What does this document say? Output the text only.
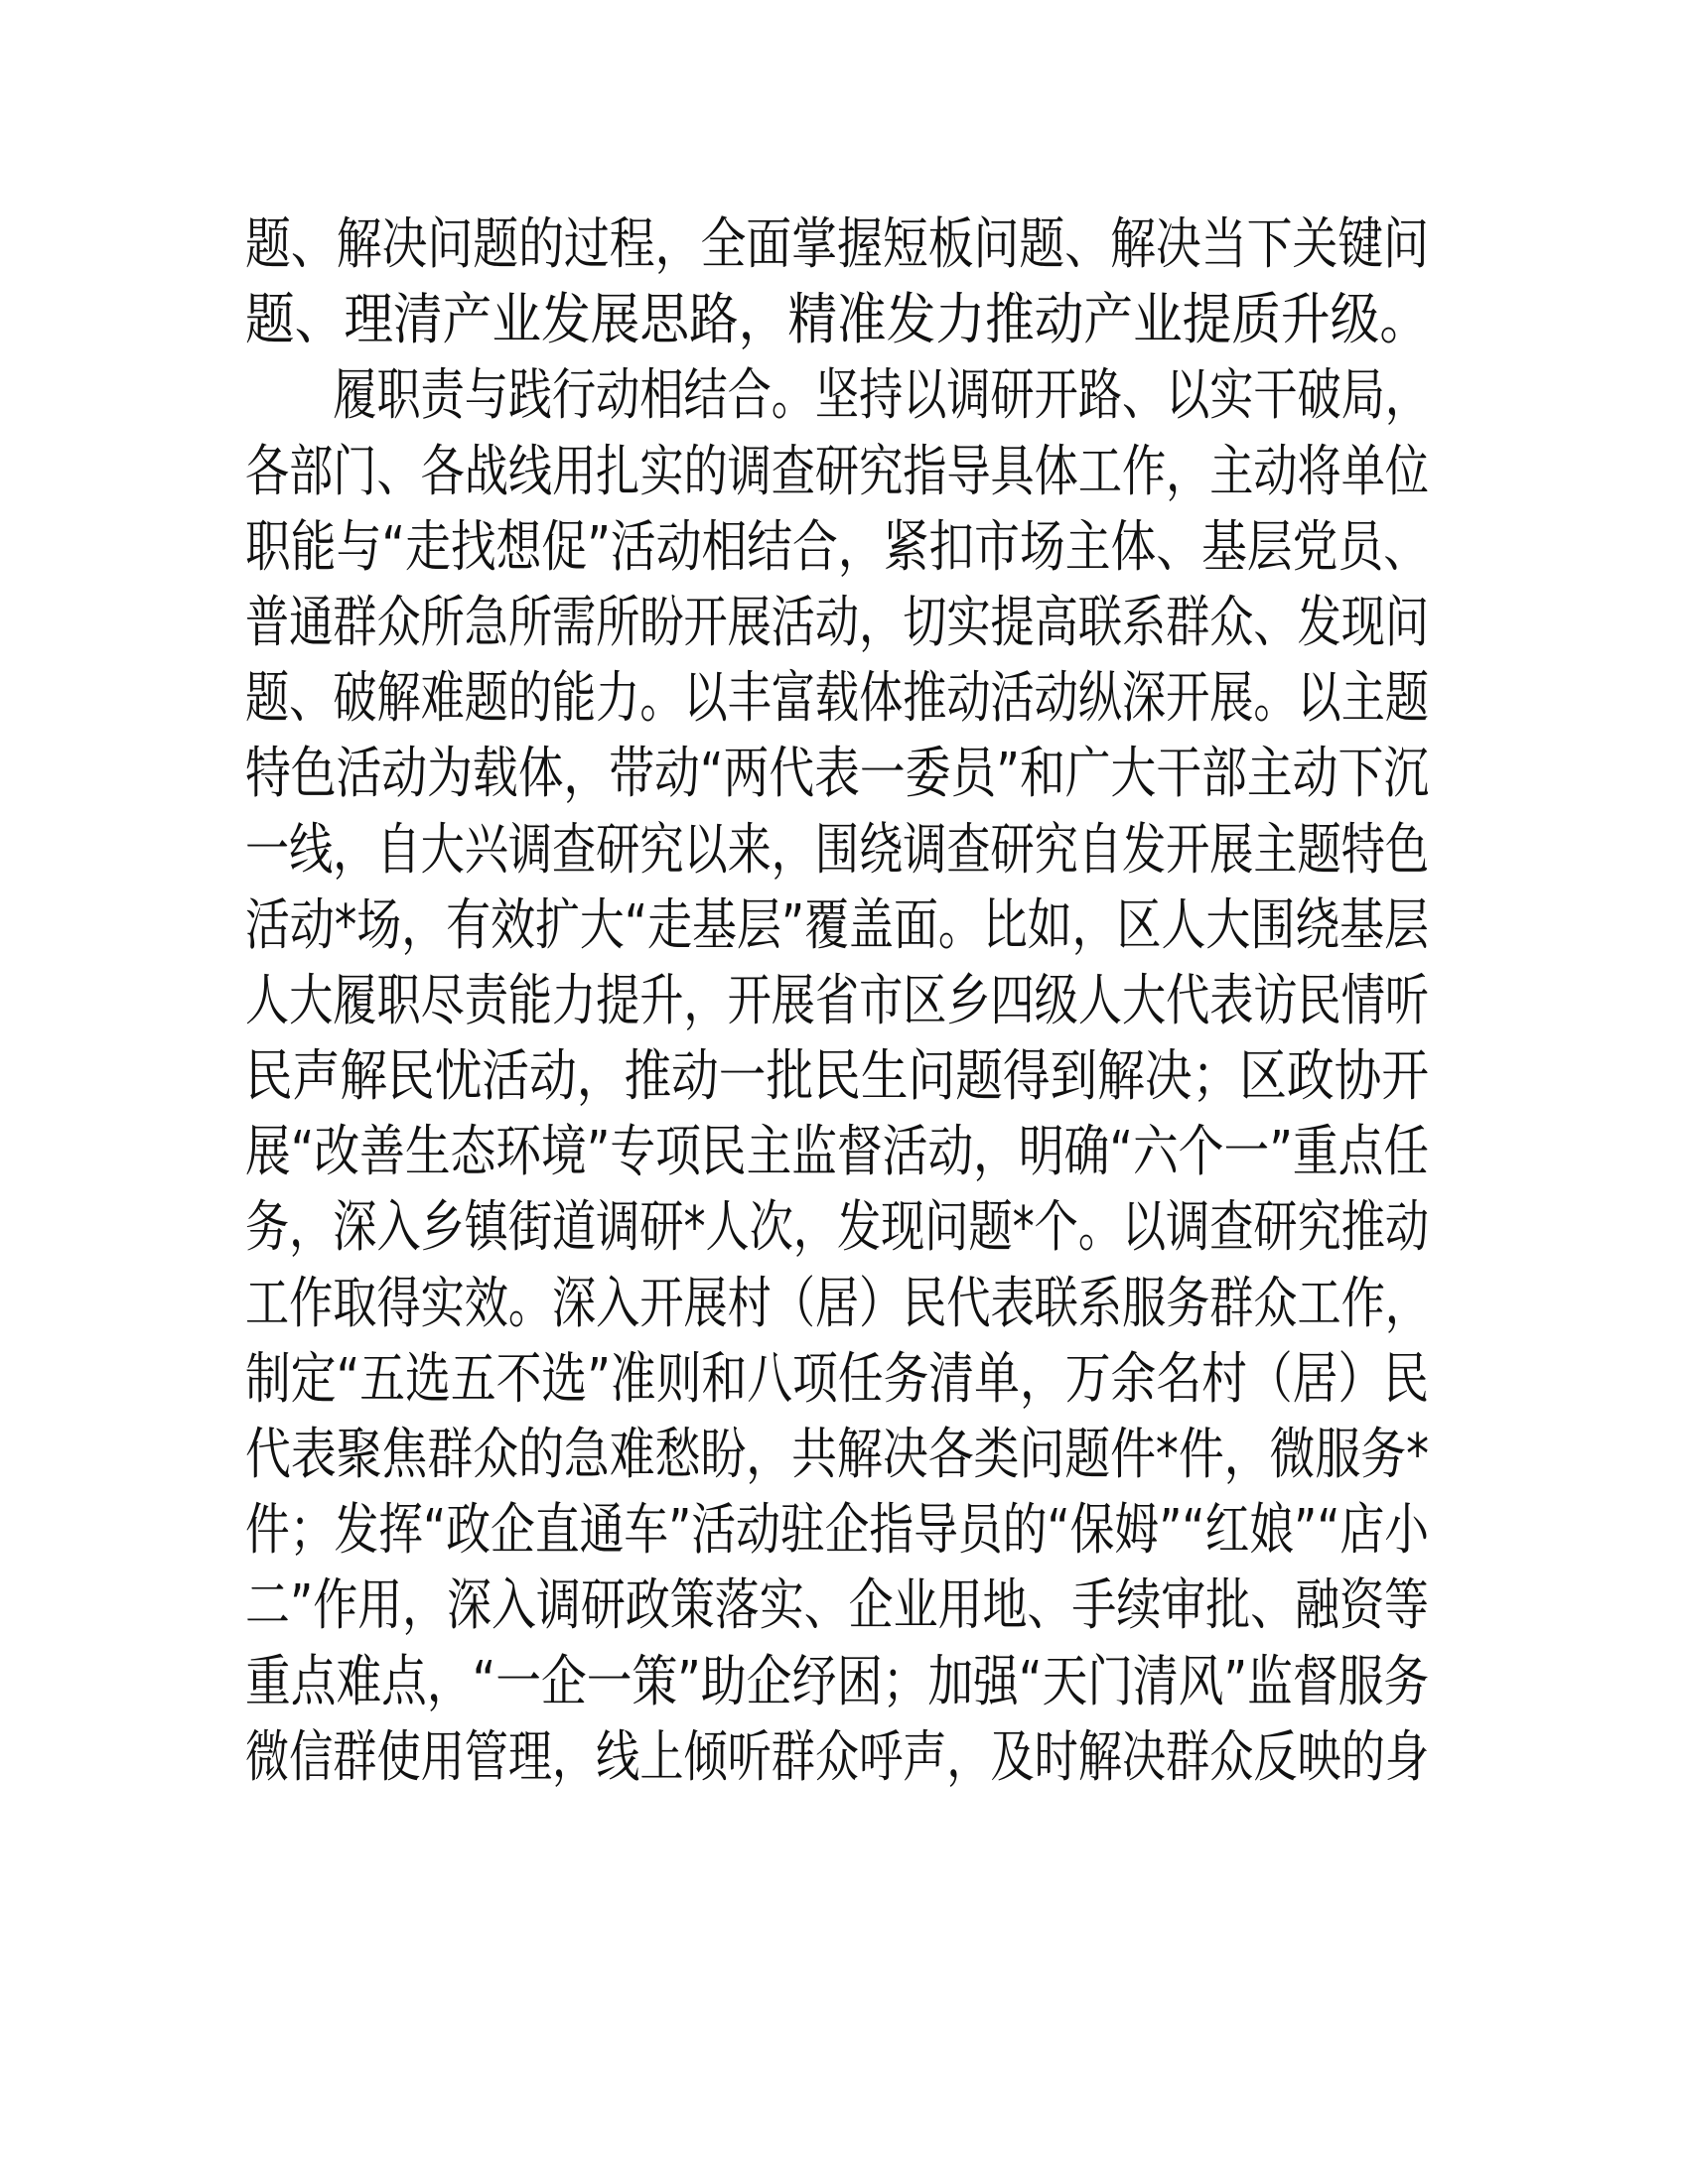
题、解决问题的过程，全面掌握短板问题、解决当下关键问
题、理清产业发展思路，精准发力推动产业提质升级。
　　履职责与践行动相结合。坚持以调研开路、以实干破局，
各部门、各战线用扎实的调查研究指导具体工作，主动将单位
职能与“走找想促”活动相结合，紧扣市场主体、基层党员、
普通群众所急所需所盼开展活动，切实提高联系群众、发现问
题、破解难题的能力。以丰富载体推动活动纵深开展。以主题
特色活动为载体，带动“两代表一委员”和广大干部主动下沉
一线，自大兴调查研究以来，围绕调查研究自发开展主题特色
活动*场，有效扩大“走基层”覆盖面。比如，区人大围绕基层
人大履职尽责能力提升，开展省市区乡四级人大代表访民情听
民声解民忧活动，推动一批民生问题得到解决；区政协开
展“改善生态环境”专项民主监督活动，明确“六个一”重点任
务，深入乡镇街道调研*人次，发现问题*个。以调查研究推动
工作取得实效。深入开展村（居）民代表联系服务群众工作，
制定“五选五不选”准则和八项任务清单，万余名村（居）民
代表聚焦群众的急难愁盼，共解决各类问题件*件，微服务*
件；发挥“政企直通车”活动驻企指导员的“保姆”“红娘”“店小
二”作用，深入调研政策落实、企业用地、手续审批、融资等
重点难点，“一企一策”助企纾困；加强“天门清风”监督服务
微信群使用管理，线上倾听群众呼声，及时解决群众反映的身
